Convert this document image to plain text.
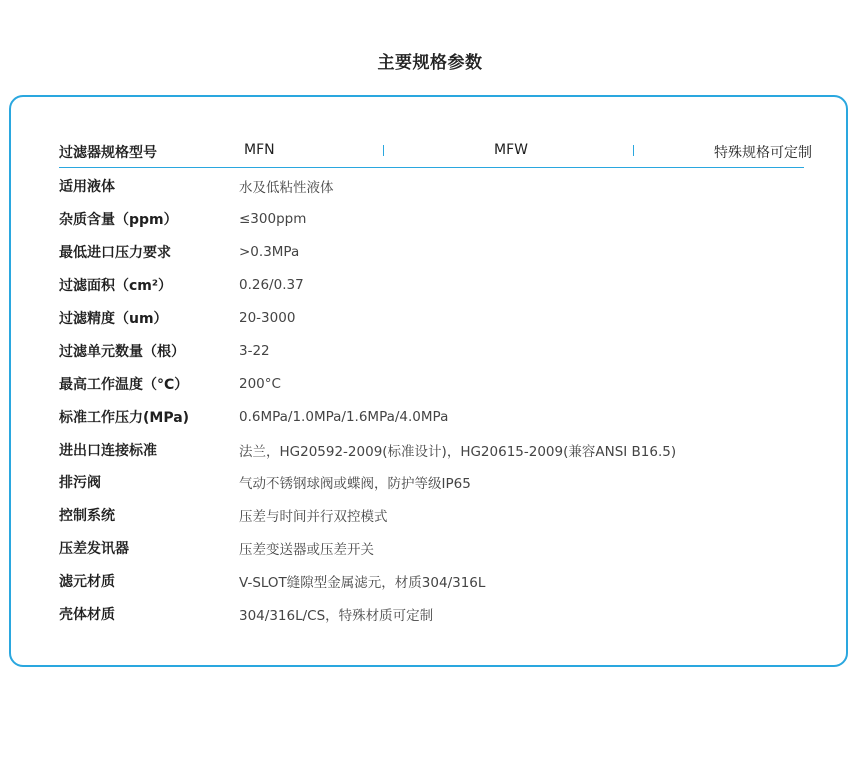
主要规格参数
过滤器规格型号	MFN	MFW	特殊规格可定制
适用液体	水及低粘性液体
杂质含量（ppm）	≤300ppm
最低进口压力要求	>0.3MPa
过滤面积（cm²）	0.26/0.37
过滤精度（um）	20-3000
过滤单元数量（根）	3-22
最高工作温度（°C）	200°C
标准工作压力(MPa)	0.6MPa/1.0MPa/1.6MPa/4.0MPa
进出口连接标准	法兰，HG20592-2009(标准设计)，HG20615-2009(兼容ANSI B16.5)
排污阀	气动不锈钢球阀或蝶阀，防护等级IP65
控制系统	压差与时间并行双控模式
压差发讯器	压差变送器或压差开关
滤元材质	V-SLOT缝隙型金属滤元，材质304/316L
壳体材质	304/316L/CS，特殊材质可定制
